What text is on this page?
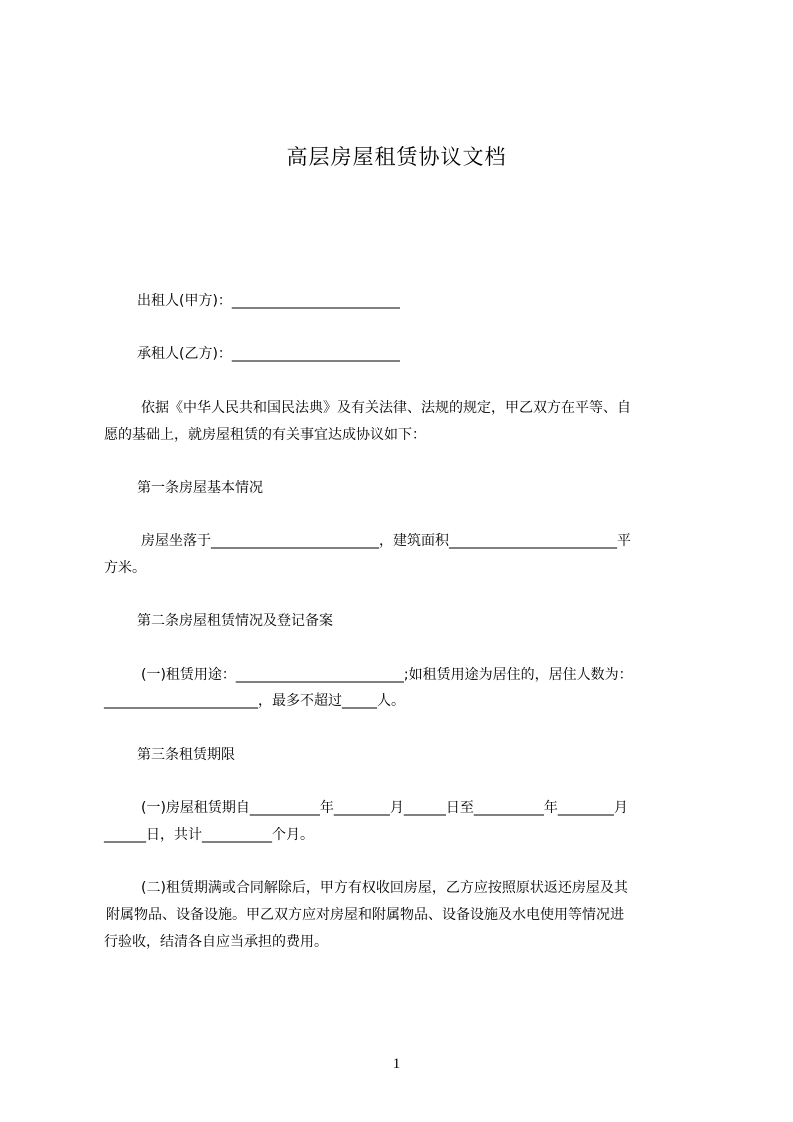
高层房屋租赁协议文档
出租人(甲方)：________________________
承租人(乙方)：________________________
依据《中华人民共和国民法典》及有关法律、法规的规定，甲乙双方在平等、自
愿的基础上，就房屋租赁的有关事宜达成协议如下：
第一条房屋基本情况
房屋坐落于________________________，建筑面积________________________平
方米。
第二条房屋租赁情况及登记备案
(一)租赁用途：________________________;如租赁用途为居住的，居住人数为：
______________________，最多不超过_____人。
第三条租赁期限
(一)房屋租赁期自__________年________月______日至__________年________月
______日，共计__________个月。
(二)租赁期满或合同解除后，甲方有权收回房屋，乙方应按照原状返还房屋及其
附属物品、设备设施。甲乙双方应对房屋和附属物品、设备设施及水电使用等情况进
行验收，结清各自应当承担的费用。
1
